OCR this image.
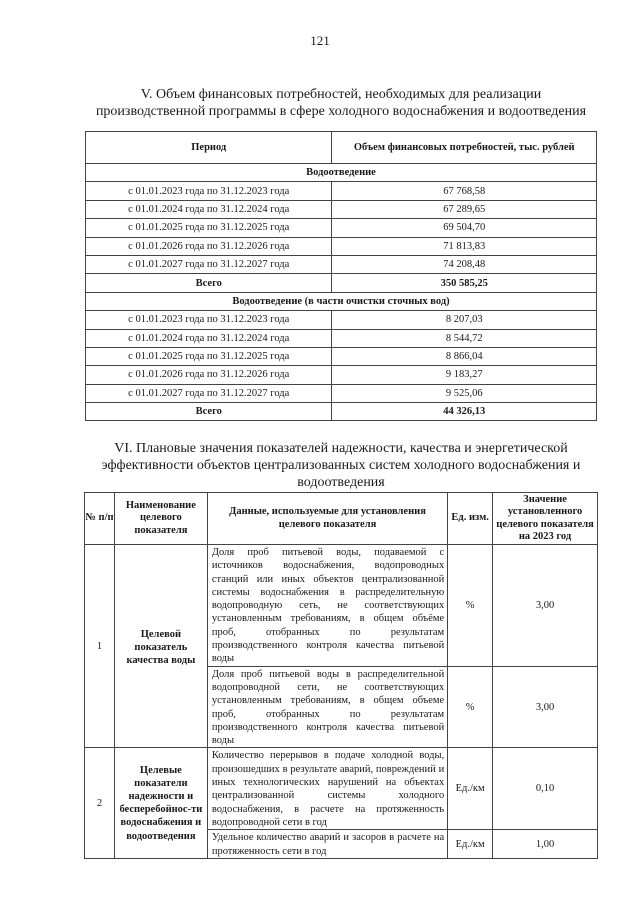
121
V. Объем финансовых потребностей, необходимых для реализации
производственной программы в сфере холодного водоснабжения и водоотведения
Период	Объем финансовых потребностей, тыс. рублей
Водоотведение	
с 01.01.2023 года по 31.12.2023 года	67 768,58
с 01.01.2024 года по 31.12.2024 года	67 289,65
с 01.01.2025 года по 31.12.2025 года	69 504,70
с 01.01.2026 года по 31.12.2026 года	71 813,83
с 01.01.2027 года по 31.12.2027 года	74 208,48
Всего	350 585,25
Водоотведение (в части очистки сточных вод)	
с 01.01.2023 года по 31.12.2023 года	8 207,03
с 01.01.2024 года по 31.12.2024 года	8 544,72
с 01.01.2025 года по 31.12.2025 года	8 866,04
с 01.01.2026 года по 31.12.2026 года	9 183,27
с 01.01.2027 года по 31.12.2027 года	9 525,06
Всего	44 326,13
VI. Плановые значения показателей надежности, качества и энергетической
эффективности объектов централизованных систем холодного водоснабжения и
водоотведения
№ п/п	Наименование целевого показателя	Данные, используемые для установления целевого показателя	Ед. изм.	Значение установленного целевого показателя на 2023 год
1	Целевой показатель качества воды	Доля проб питьевой воды, подаваемой с источников водоснабжения, водопроводных станций или иных объектов централизованной системы водоснабжения в распределительную водопроводную сеть, не соответствующих установленным требованиям, в общем объёме проб, отобранных по результатам производственного контроля качества питьевой воды	%	3,00
		Доля проб питьевой воды в распределительной водопроводной сети, не соответствующих установленным требованиям, в общем объеме проб, отобранных по результатам производственного контроля качества питьевой воды	%	3,00
2	Целевые показатели надежности и бесперебойнос-ти водоснабжения и водоотведения	Количество перерывов в подаче холодной воды, произошедших в результате аварий, повреждений и иных технологических нарушений на объектах централизованной системы холодного водоснабжения, в расчете на протяженность водопроводной сети в год	Ед./км	0,10
		Удельное количество аварий и засоров в расчете на протяженность сети в год	Ед./км	1,00
